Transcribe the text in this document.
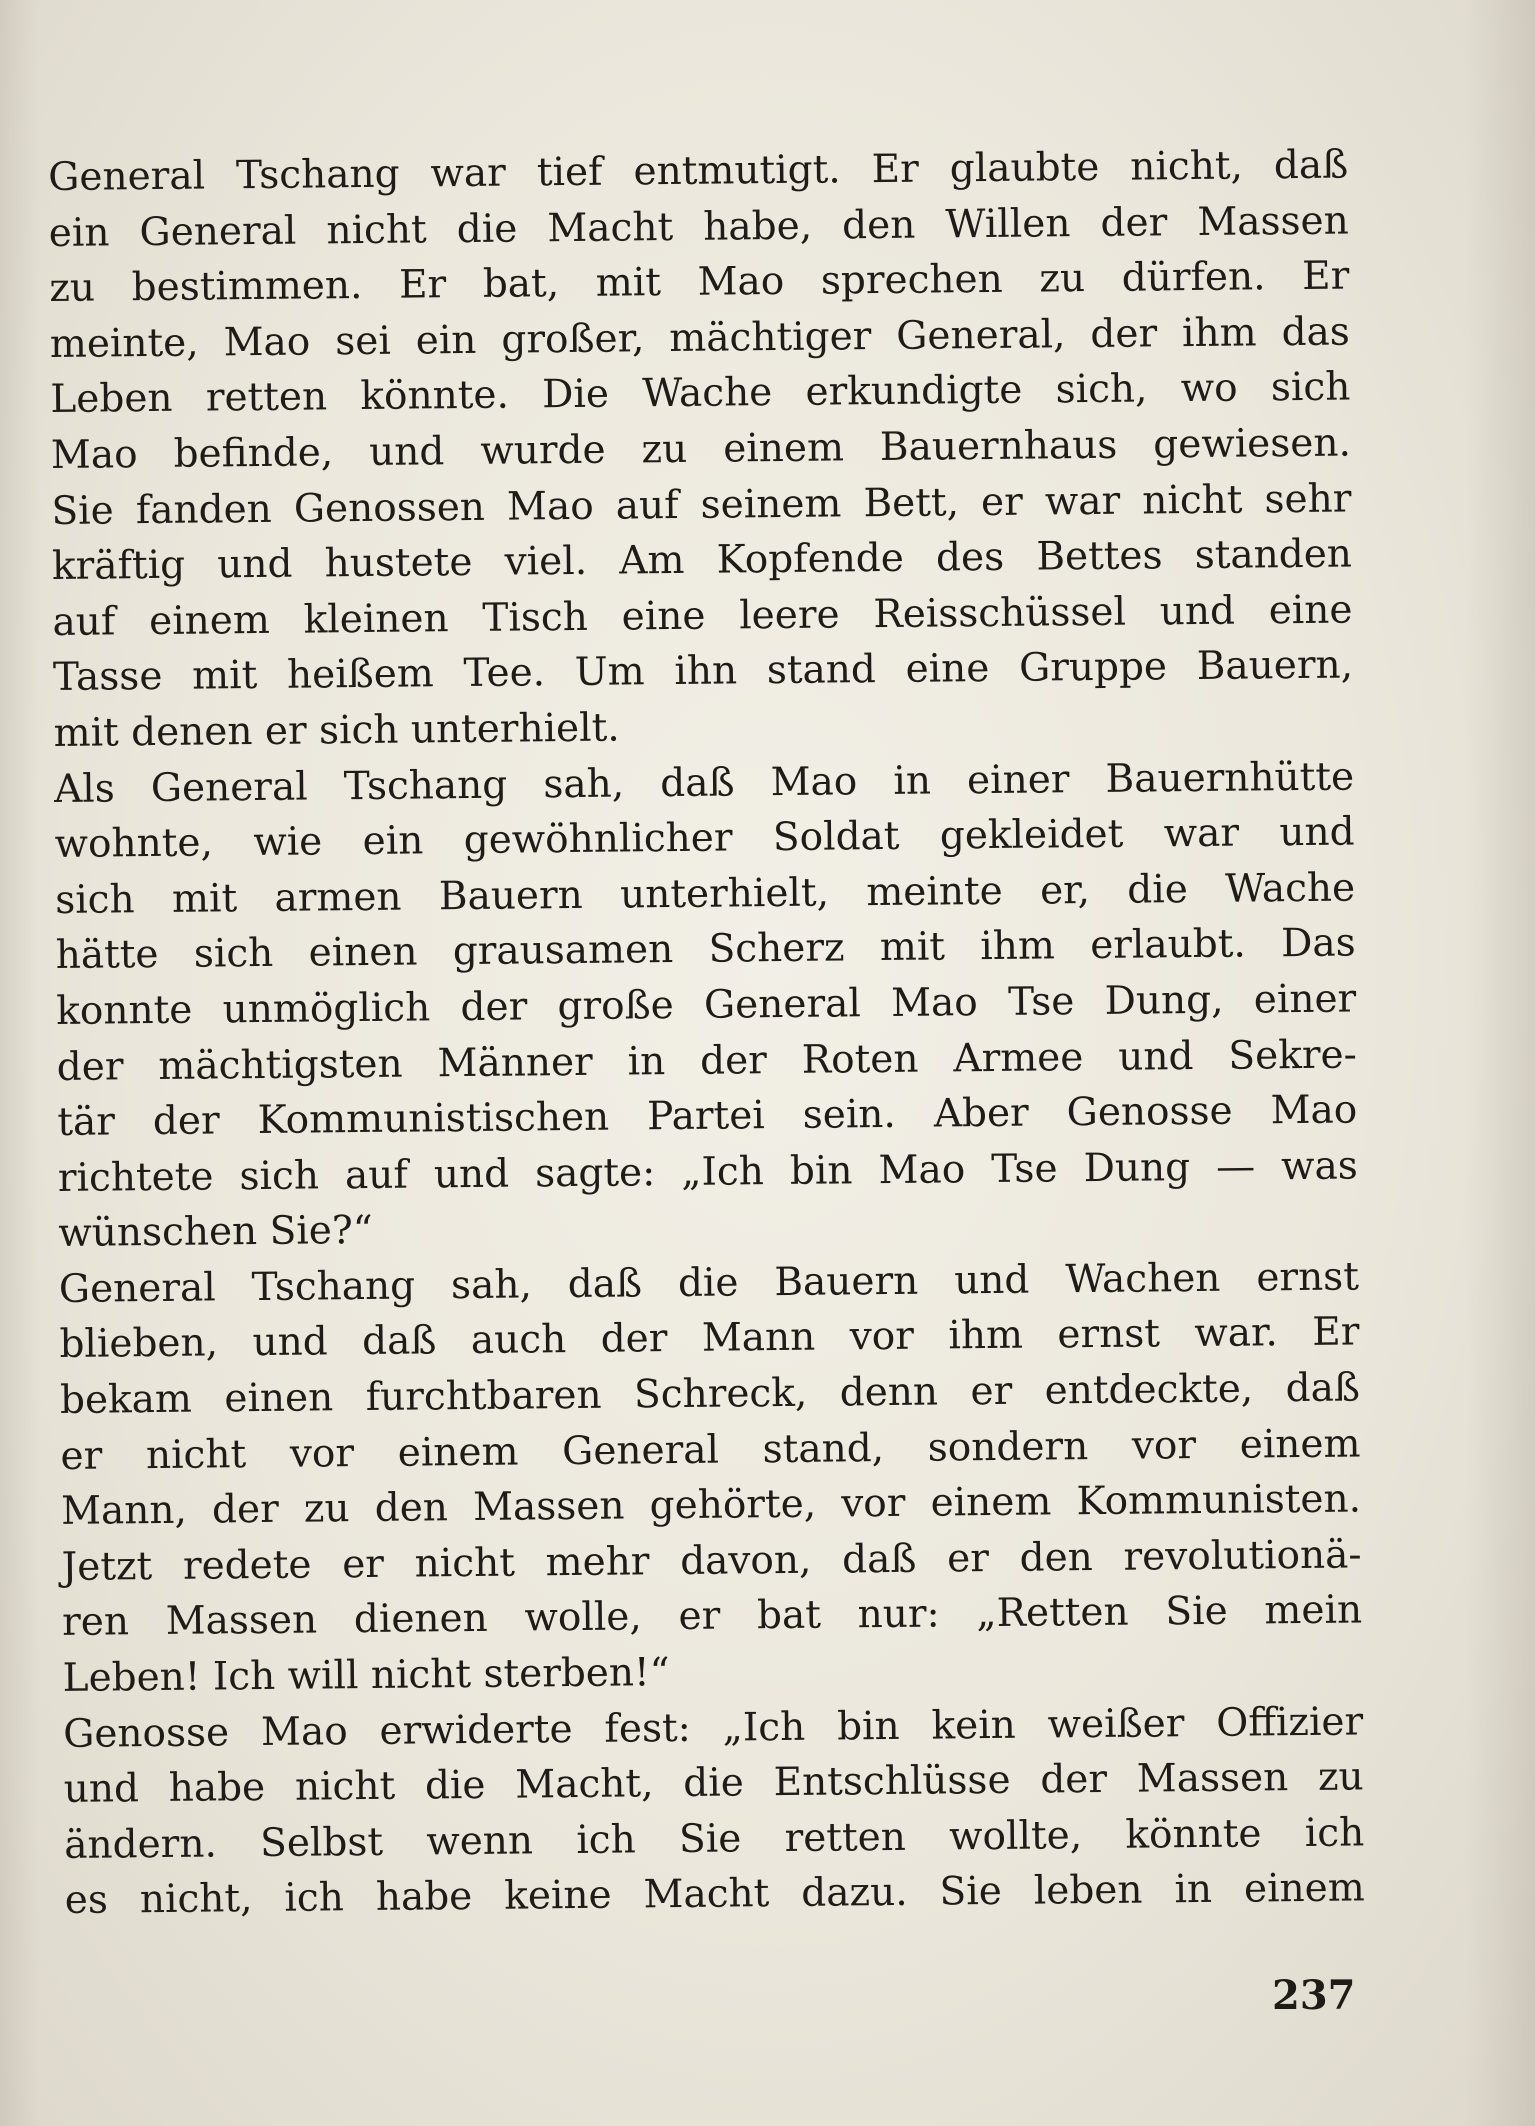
General Tschang war tief entmutigt. Er glaubte nicht, daß
ein General nicht die Macht habe, den Willen der Massen
zu bestimmen. Er bat, mit Mao sprechen zu dürfen. Er
meinte, Mao sei ein großer, mächtiger General, der ihm das
Leben retten könnte. Die Wache erkundigte sich, wo sich
Mao befinde, und wurde zu einem Bauernhaus gewiesen.
Sie fanden Genossen Mao auf seinem Bett, er war nicht sehr
kräftig und hustete viel. Am Kopfende des Bettes standen
auf einem kleinen Tisch eine leere Reisschüssel und eine
Tasse mit heißem Tee. Um ihn stand eine Gruppe Bauern,
mit denen er sich unterhielt.
Als General Tschang sah, daß Mao in einer Bauernhütte
wohnte, wie ein gewöhnlicher Soldat gekleidet war und
sich mit armen Bauern unterhielt, meinte er, die Wache
hätte sich einen grausamen Scherz mit ihm erlaubt. Das
konnte unmöglich der große General Mao Tse Dung, einer
der mächtigsten Männer in der Roten Armee und Sekre-
tär der Kommunistischen Partei sein. Aber Genosse Mao
richtete sich auf und sagte: „Ich bin Mao Tse Dung — was
wünschen Sie?“
General Tschang sah, daß die Bauern und Wachen ernst
blieben, und daß auch der Mann vor ihm ernst war. Er
bekam einen furchtbaren Schreck, denn er entdeckte, daß
er nicht vor einem General stand, sondern vor einem
Mann, der zu den Massen gehörte, vor einem Kommunisten.
Jetzt redete er nicht mehr davon, daß er den revolutionä-
ren Massen dienen wolle, er bat nur: „Retten Sie mein
Leben! Ich will nicht sterben!“
Genosse Mao erwiderte fest: „Ich bin kein weißer Offizier
und habe nicht die Macht, die Entschlüsse der Massen zu
ändern. Selbst wenn ich Sie retten wollte, könnte ich
es nicht, ich habe keine Macht dazu. Sie leben in einem
237
